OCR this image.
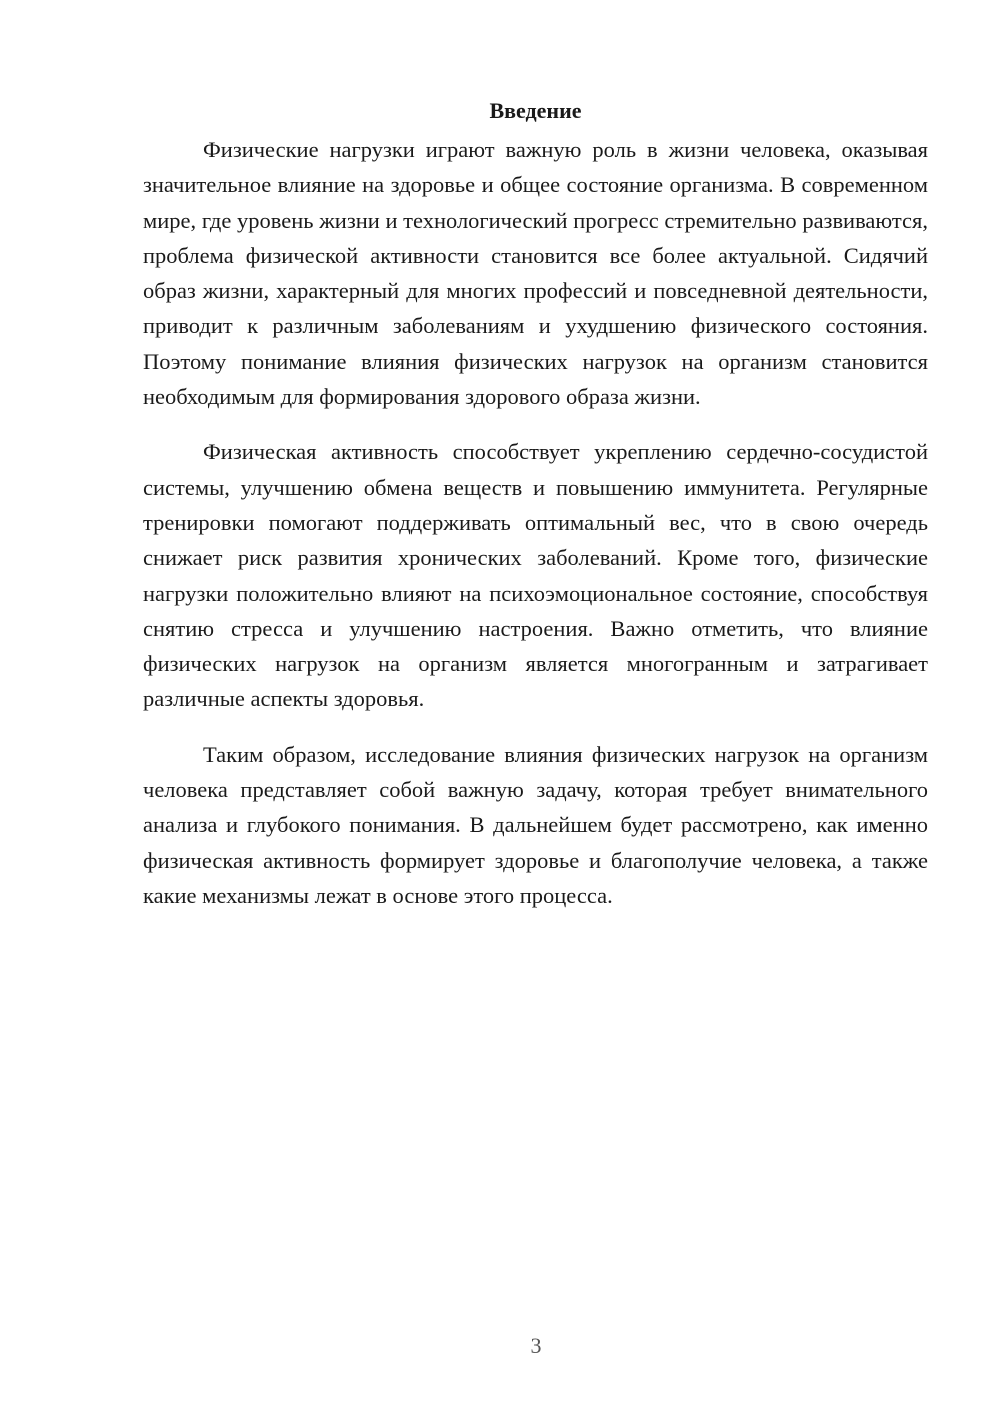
Введение

Физические нагрузки играют важную роль в жизни человека, оказывая значительное влияние на здоровье и общее состояние организма. В современном мире, где уровень жизни и технологический прогресс стремительно развиваются, проблема физической активности становится все более актуальной. Сидячий образ жизни, характерный для многих профессий и повседневной деятельности, приводит к различным заболеваниям и ухудшению физического состояния. Поэтому понимание влияния физических нагрузок на организм становится необходимым для формирования здорового образа жизни.

Физическая активность способствует укреплению сердечно-сосудистой системы, улучшению обмена веществ и повышению иммунитета. Регулярные тренировки помогают поддерживать оптимальный вес, что в свою очередь снижает риск развития хронических заболеваний. Кроме того, физические нагрузки положительно влияют на психоэмоциональное состояние, способствуя снятию стресса и улучшению настроения. Важно отметить, что влияние физических нагрузок на организм является многогранным и затрагивает различные аспекты здоровья.

Таким образом, исследование влияния физических нагрузок на организм человека представляет собой важную задачу, которая требует внимательного анализа и глубокого понимания. В дальнейшем будет рассмотрено, как именно физическая активность формирует здоровье и благополучие человека, а также какие механизмы лежат в основе этого процесса.

3
